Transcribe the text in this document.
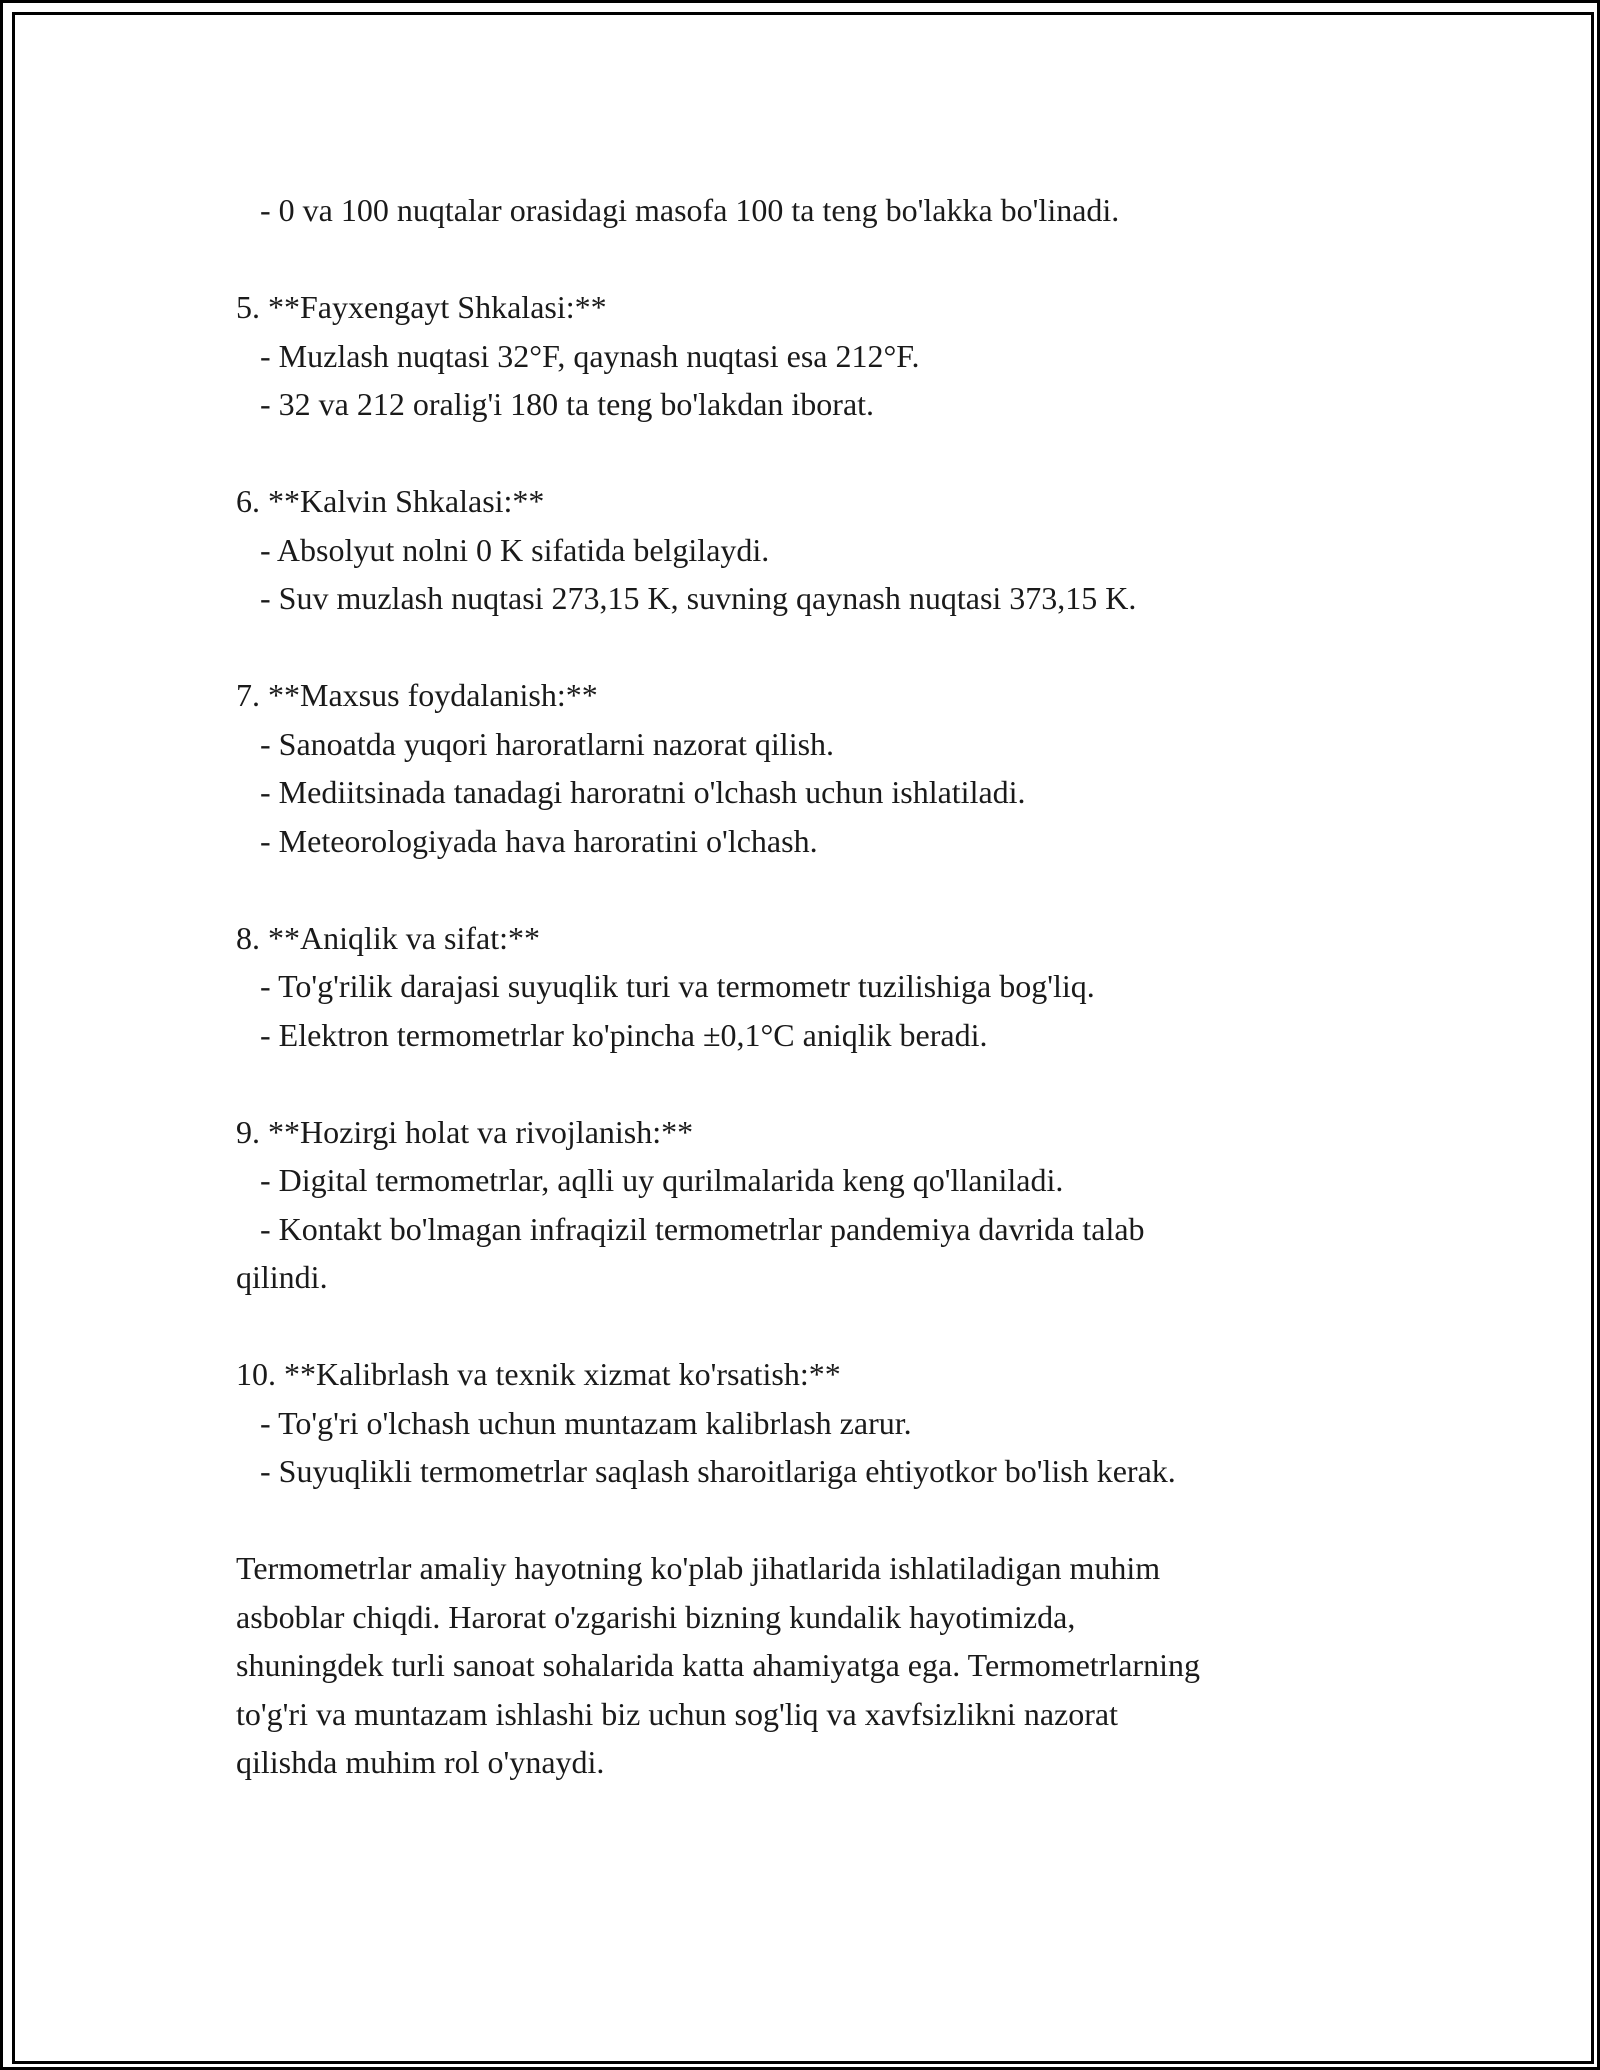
- 0 va 100 nuqtalar orasidagi masofa 100 ta teng bo'lakka bo'linadi.

5. **Fayxengayt Shkalasi:**

- Muzlash nuqtasi 32°F, qaynash nuqtasi esa 212°F.

- 32 va 212 oralig'i 180 ta teng bo'lakdan iborat.

6. **Kalvin Shkalasi:**

- Absolyut nolni 0 K sifatida belgilaydi.

- Suv muzlash nuqtasi 273,15 K, suvning qaynash nuqtasi 373,15 K.

7. **Maxsus foydalanish:**

- Sanoatda yuqori haroratlarni nazorat qilish.

- Mediitsinada tanadagi haroratni o'lchash uchun ishlatiladi.

- Meteorologiyada hava haroratini o'lchash.

8. **Aniqlik va sifat:**

- To'g'rilik darajasi suyuqlik turi va termometr tuzilishiga bog'liq.

- Elektron termometrlar ko'pincha ±0,1°C aniqlik beradi.

9. **Hozirgi holat va rivojlanish:**

- Digital termometrlar, aqlli uy qurilmalarida keng qo'llaniladi.

- Kontakt bo'lmagan infraqizil termometrlar pandemiya davrida talab

qilindi.

10. **Kalibrlash va texnik xizmat ko'rsatish:**

- To'g'ri o'lchash uchun muntazam kalibrlash zarur.

- Suyuqlikli termometrlar saqlash sharoitlariga ehtiyotkor bo'lish kerak.

Termometrlar amaliy hayotning ko'plab jihatlarida ishlatiladigan muhim

asboblar chiqdi. Harorat o'zgarishi bizning kundalik hayotimizda,

shuningdek turli sanoat sohalarida katta ahamiyatga ega. Termometrlarning

to'g'ri va muntazam ishlashi biz uchun sog'liq va xavfsizlikni nazorat

qilishda muhim rol o'ynaydi.
